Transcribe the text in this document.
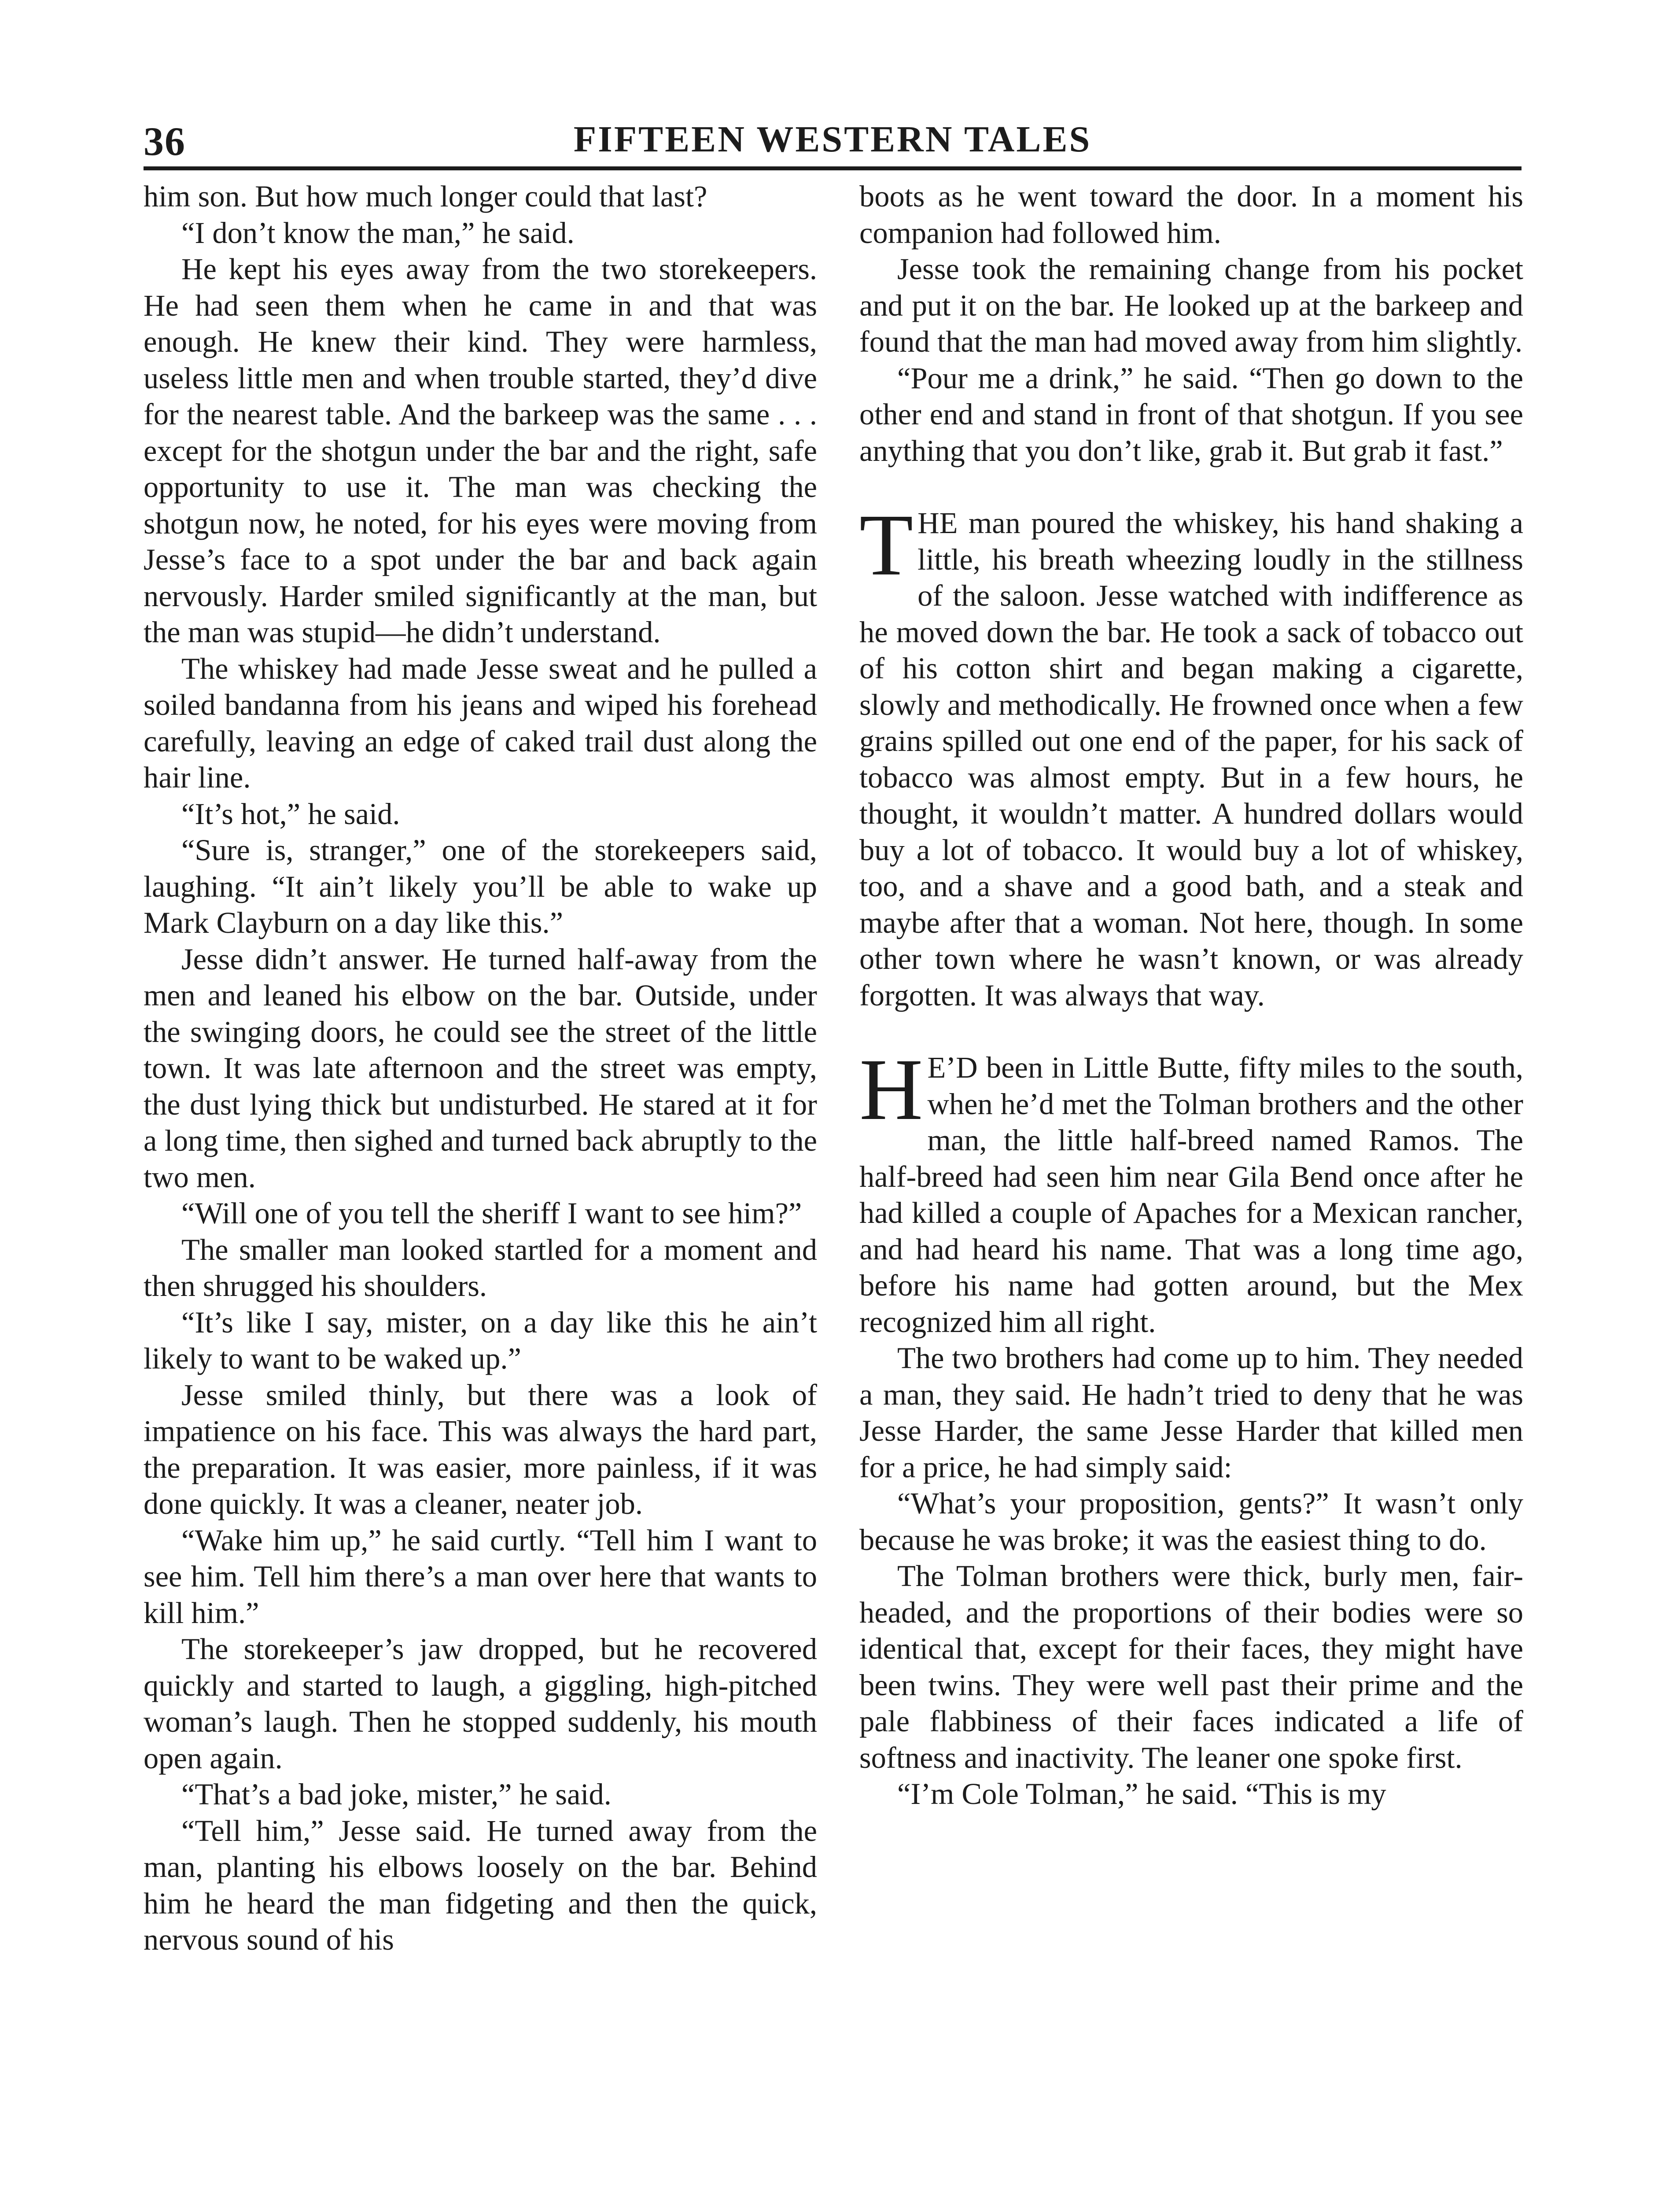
36	FIFTEEN WESTERN TALES

him son. But how much longer could that last?

“I don’t know the man,” he said.

He kept his eyes away from the two storekeepers. He had seen them when he came in and that was enough. He knew their kind. They were harmless, useless little men and when trouble started, they’d dive for the nearest table. And the barkeep was the same . . . except for the shotgun under the bar and the right, safe opportunity to use it. The man was checking the shotgun now, he noted, for his eyes were moving from Jesse’s face to a spot under the bar and back again nervously. Harder smiled significantly at the man, but the man was stupid—he didn’t understand.

The whiskey had made Jesse sweat and he pulled a soiled bandanna from his jeans and wiped his forehead carefully, leaving an edge of caked trail dust along the hair line.

“It’s hot,” he said.

“Sure is, stranger,” one of the storekeepers said, laughing. “It ain’t likely you’ll be able to wake up Mark Clayburn on a day like this.”

Jesse didn’t answer. He turned half-away from the men and leaned his elbow on the bar. Outside, under the swinging doors, he could see the street of the little town. It was late afternoon and the street was empty, the dust lying thick but undisturbed. He stared at it for a long time, then sighed and turned back abruptly to the two men.

“Will one of you tell the sheriff I want to see him?”

The smaller man looked startled for a moment and then shrugged his shoulders.

“It’s like I say, mister, on a day like this he ain’t likely to want to be waked up.”

Jesse smiled thinly, but there was a look of impatience on his face. This was always the hard part, the preparation. It was easier, more painless, if it was done quickly. It was a cleaner, neater job.

“Wake him up,” he said curtly. “Tell him I want to see him. Tell him there’s a man over here that wants to kill him.”

The storekeeper’s jaw dropped, but he recovered quickly and started to laugh, a giggling, high-pitched woman’s laugh. Then he stopped suddenly, his mouth open again.

“That’s a bad joke, mister,” he said.

“Tell him,” Jesse said. He turned away from the man, planting his elbows loosely on the bar. Behind him he heard the man fidgeting and then the quick, nervous sound of his

boots as he went toward the door. In a moment his companion had followed him.

Jesse took the remaining change from his pocket and put it on the bar. He looked up at the barkeep and found that the man had moved away from him slightly.

“Pour me a drink,” he said. “Then go down to the other end and stand in front of that shotgun. If you see anything that you don’t like, grab it. But grab it fast.”

T HE man poured the whiskey, his hand shaking a little, his breath wheezing loudly in the stillness of the saloon. Jesse watched with indifference as he moved down the bar. He took a sack of tobacco out of his cotton shirt and began making a cigarette, slowly and methodically. He frowned once when a few grains spilled out one end of the paper, for his sack of tobacco was almost empty. But in a few hours, he thought, it wouldn’t matter. A hundred dollars would buy a lot of tobacco. It would buy a lot of whiskey, too, and a shave and a good bath, and a steak and maybe after that a woman. Not here, though. In some other town where he wasn’t known, or was already forgotten. It was always that way.

H E’D been in Little Butte, fifty miles to the south, when he’d met the Tolman brothers and the other man, the little half-breed named Ramos. The half-breed had seen him near Gila Bend once after he had killed a couple of Apaches for a Mexican rancher, and had heard his name. That was a long time ago, before his name had gotten around, but the Mex recognized him all right.

The two brothers had come up to him. They needed a man, they said. He hadn’t tried to deny that he was Jesse Harder, the same Jesse Harder that killed men for a price, he had simply said:

“What’s your proposition, gents?” It wasn’t only because he was broke; it was the easiest thing to do.

The Tolman brothers were thick, burly men, fair-headed, and the proportions of their bodies were so identical that, except for their faces, they might have been twins. They were well past their prime and the pale flabbiness of their faces indicated a life of softness and inactivity. The leaner one spoke first.

“I’m Cole Tolman,” he said. “This is my
